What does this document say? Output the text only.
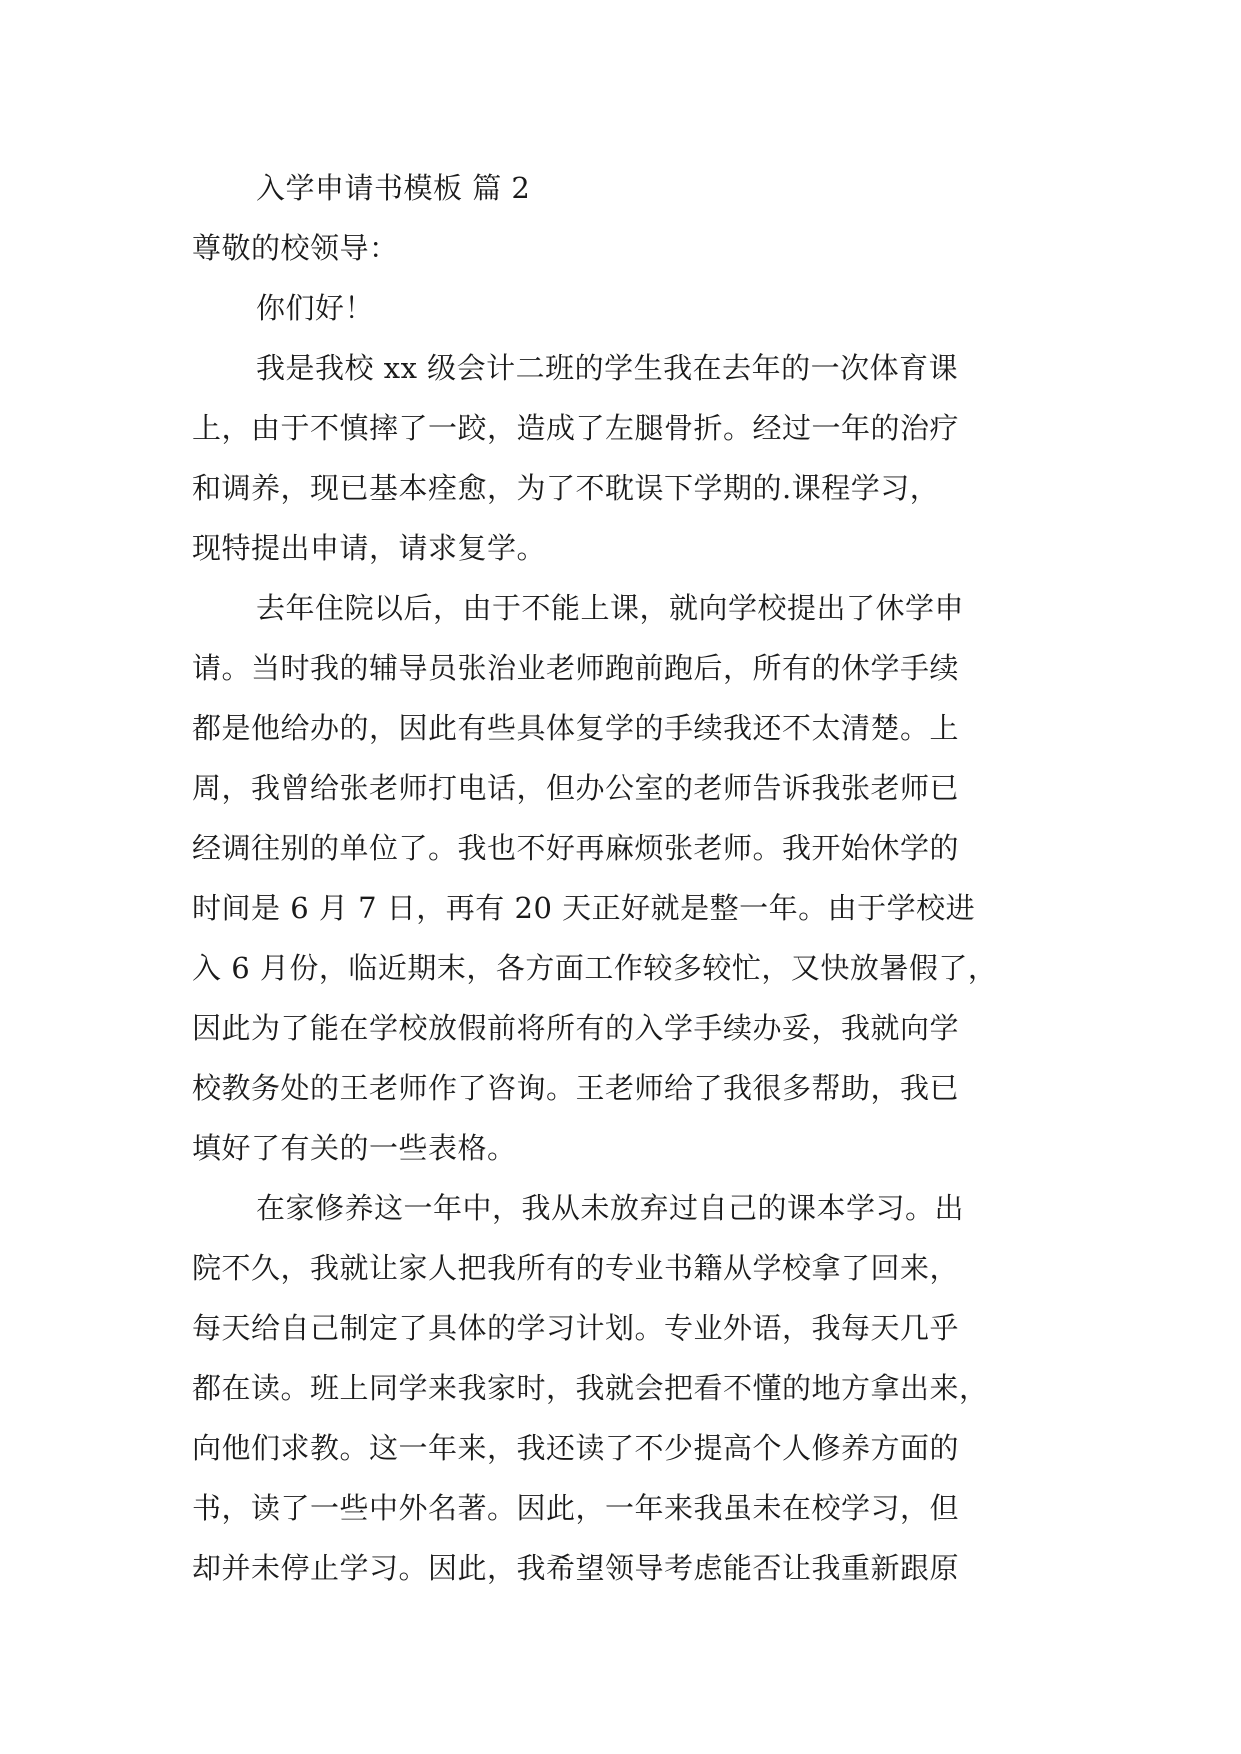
入学申请书模板 篇 2
尊敬的校领导：
你们好！
我是我校 xx 级会计二班的学生我在去年的一次体育课
上，由于不慎摔了一跤，造成了左腿骨折。经过一年的治疗
和调养，现已基本痊愈，为了不耽误下学期的.课程学习，
现特提出申请，请求复学。
去年住院以后，由于不能上课，就向学校提出了休学申
请。当时我的辅导员张治业老师跑前跑后，所有的休学手续
都是他给办的，因此有些具体复学的手续我还不太清楚。上
周，我曾给张老师打电话，但办公室的老师告诉我张老师已
经调往别的单位了。我也不好再麻烦张老师。我开始休学的
时间是 6 月 7 日，再有 20 天正好就是整一年。由于学校进
入 6 月份，临近期末，各方面工作较多较忙，又快放暑假了，
因此为了能在学校放假前将所有的入学手续办妥，我就向学
校教务处的王老师作了咨询。王老师给了我很多帮助，我已
填好了有关的一些表格。
在家修养这一年中，我从未放弃过自己的课本学习。出
院不久，我就让家人把我所有的专业书籍从学校拿了回来，
每天给自己制定了具体的学习计划。专业外语，我每天几乎
都在读。班上同学来我家时，我就会把看不懂的地方拿出来，
向他们求教。这一年来，我还读了不少提高个人修养方面的
书，读了一些中外名著。因此，一年来我虽未在校学习，但
却并未停止学习。因此，我希望领导考虑能否让我重新跟原
